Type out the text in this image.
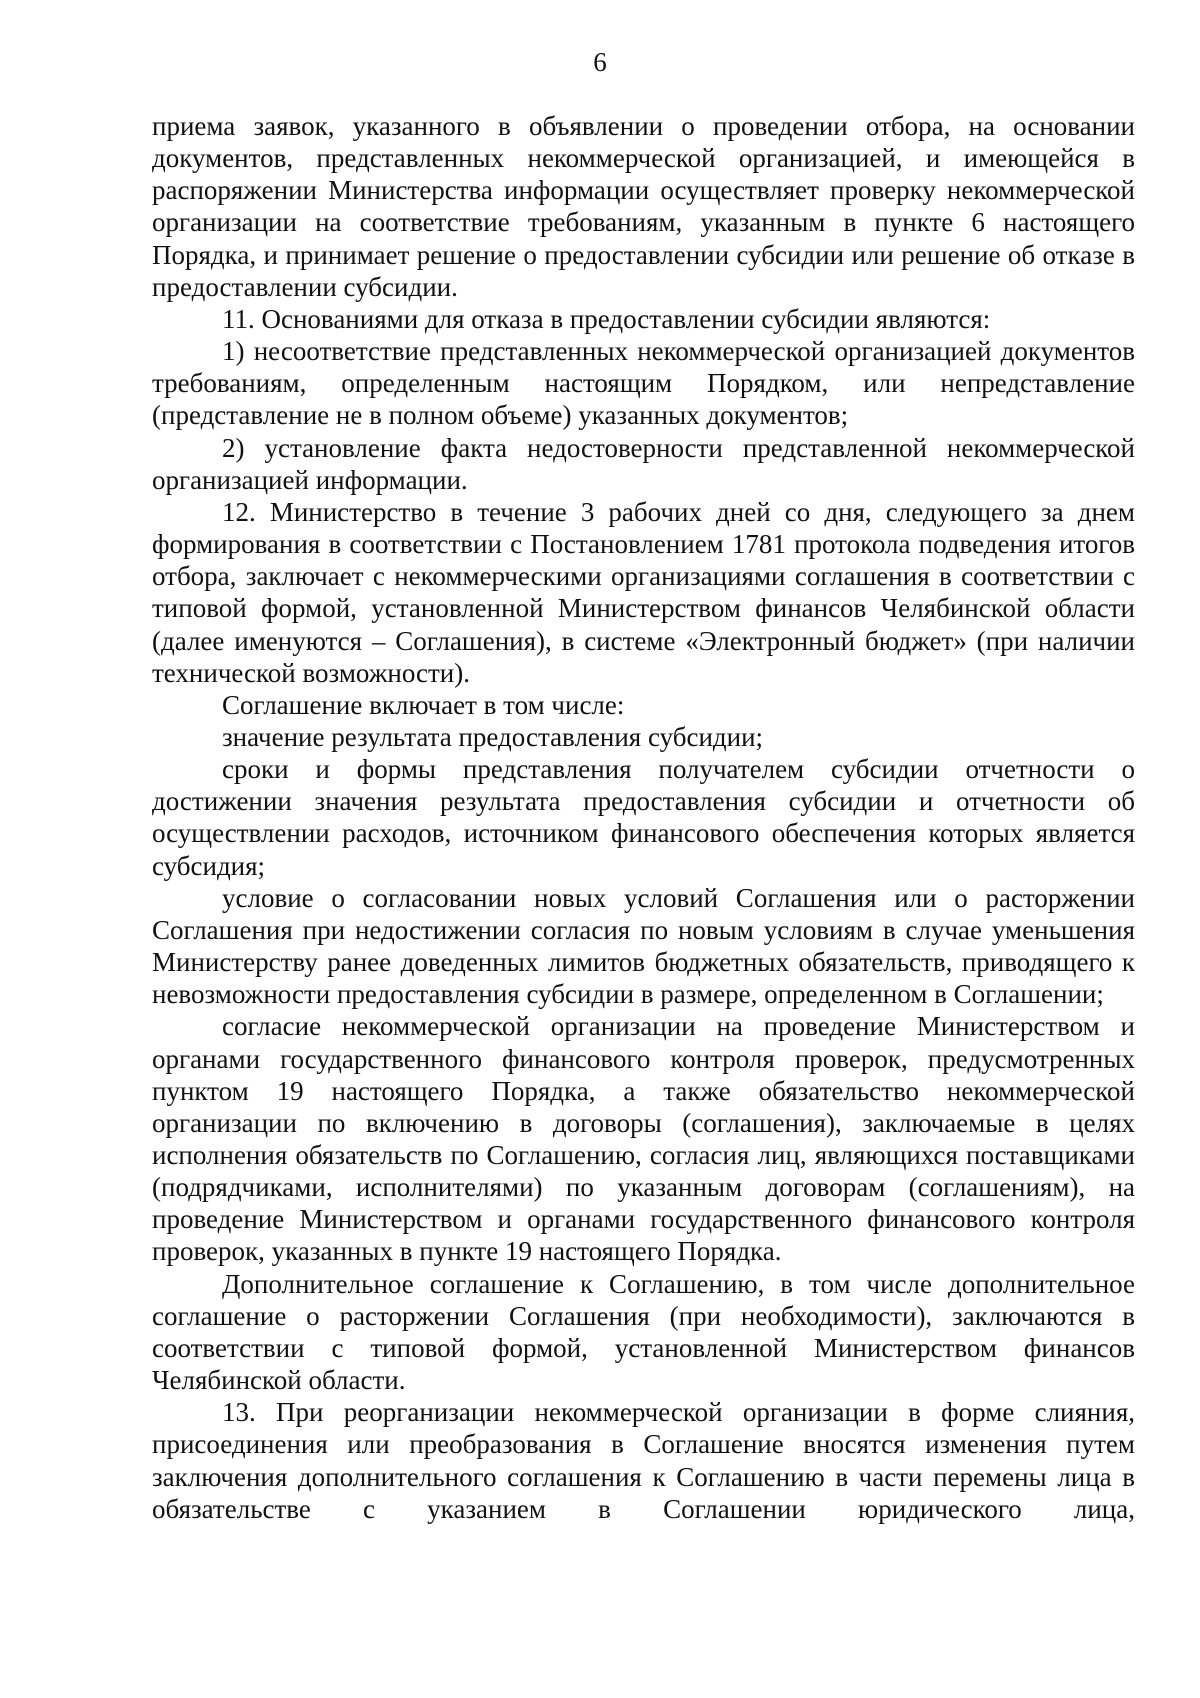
6

приема заявок, указанного в объявлении о проведении отбора, на основании документов, представленных некоммерческой организацией, и имеющейся в распоряжении Министерства информации осуществляет проверку некоммерческой организации на соответствие требованиям, указанным в пункте 6 настоящего Порядка, и принимает решение о предоставлении субсидии или решение об отказе в предоставлении субсидии.

11. Основаниями для отказа в предоставлении субсидии являются:

1) несоответствие представленных некоммерческой организацией документов требованиям, определенным настоящим Порядком, или непредставление (представление не в полном объеме) указанных документов;

2) установление факта недостоверности представленной некоммерческой организацией информации.

12. Министерство в течение 3 рабочих дней со дня, следующего за днем формирования в соответствии с Постановлением 1781 протокола подведения итогов отбора, заключает с некоммерческими организациями соглашения в соответствии с типовой формой, установленной Министерством финансов Челябинской области (далее именуются – Соглашения), в системе «Электронный бюджет» (при наличии технической возможности).

Соглашение включает в том числе:

значение результата предоставления субсидии;

сроки и формы представления получателем субсидии отчетности о достижении значения результата предоставления субсидии и отчетности об осуществлении расходов, источником финансового обеспечения которых является субсидия;

условие о согласовании новых условий Соглашения или о расторжении Соглашения при недостижении согласия по новым условиям в случае уменьшения Министерству ранее доведенных лимитов бюджетных обязательств, приводящего к невозможности предоставления субсидии в размере, определенном в Соглашении;

согласие некоммерческой организации на проведение Министерством и органами государственного финансового контроля проверок, предусмотренных пунктом 19 настоящего Порядка, а также обязательство некоммерческой организации по включению в договоры (соглашения), заключаемые в целях исполнения обязательств по Соглашению, согласия лиц, являющихся поставщиками (подрядчиками, исполнителями) по указанным договорам (соглашениям), на проведение Министерством и органами государственного финансового контроля проверок, указанных в пункте 19 настоящего Порядка.

Дополнительное соглашение к Соглашению, в том числе дополнительное соглашение о расторжении Соглашения (при необходимости), заключаются в соответствии с типовой формой, установленной Министерством финансов Челябинской области.

13. При реорганизации некоммерческой организации в форме слияния, присоединения или преобразования в Соглашение вносятся изменения путем заключения дополнительного соглашения к Соглашению в части перемены лица в обязательстве с указанием в Соглашении юридического лица,
